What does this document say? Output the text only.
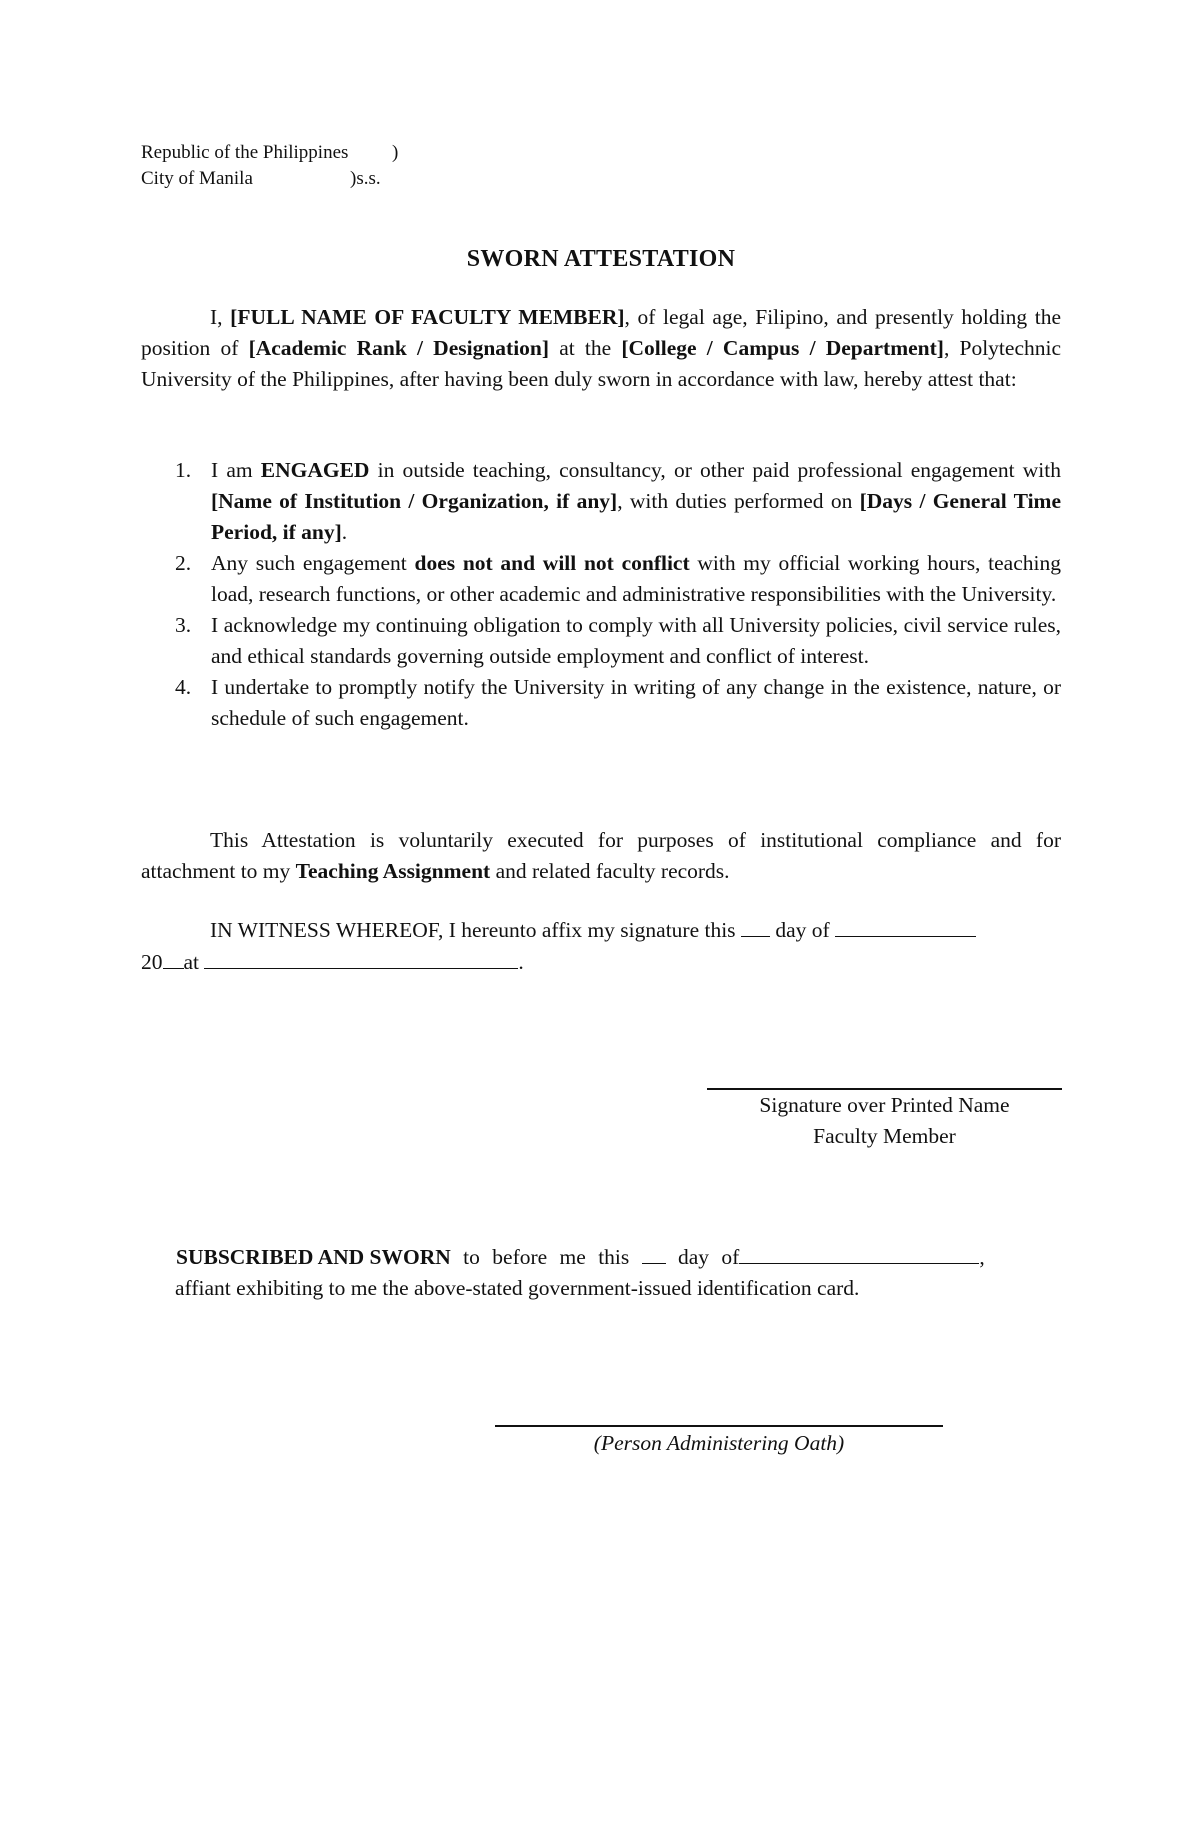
Republic of the Philippines )
City of Manila	)s.s.
SWORN ATTESTATION

I, [FULL NAME OF FACULTY MEMBER], of legal age, Filipino, and presently holding the position of [Academic Rank / Designation] at the [College / Campus / Department], Polytechnic University of the Philippines, after having been duly sworn in accordance with law, hereby attest that:

1. I am ENGAGED in outside teaching, consultancy, or other paid professional engagement with [Name of Institution / Organization, if any], with duties performed on [Days / General Time Period, if any].
2. Any such engagement does not and will not conflict with my official working hours, teaching load, research functions, or other academic and administrative responsibilities with the University.
3. I acknowledge my continuing obligation to comply with all University policies, civil service rules, and ethical standards governing outside employment and conflict of interest.
4. I undertake to promptly notify the University in writing of any change in the existence, nature, or schedule of such engagement.

This Attestation is voluntarily executed for purposes of institutional compliance and for attachment to my Teaching Assignment and related faculty records.

IN WITNESS WHEREOF, I hereunto affix my signature this  day of
20 at	.
Signature over Printed Name
Faculty Member
SUBSCRIBED AND SWORN to before me this  day of	,
affiant exhibiting to me the above-stated government-issued identification card.
(Person Administering Oath)
